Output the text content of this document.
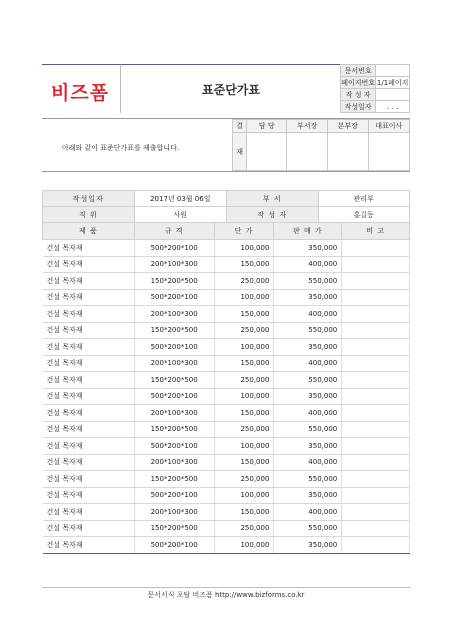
비즈폼	표준단가표
문서번호	
페이지번호	1/1페이지
작 성 자	
작성일자	. . .
아래와 같이 표준단가표를 제출합니다.
결	담 당	부서장	본부장	대표이사
재				
작성일자	2017년 03월 06일	부 서	관리부
직 위	사원	작 성 자	홍길동
제 품	규 격	단 가	판 매 가	비 고
건설 목자재	500*200*100	100,000	350,000	
건설 목자재	200*100*300	150,000	400,000	
건설 목자재	150*200*500	250,000	550,000	
건설 목자재	500*200*100	100,000	350,000	
건설 목자재	200*100*300	150,000	400,000	
건설 목자재	150*200*500	250,000	550,000	
건설 목자재	500*200*100	100,000	350,000	
건설 목자재	200*100*300	150,000	400,000	
건설 목자재	150*200*500	250,000	550,000	
건설 목자재	500*200*100	100,000	350,000	
건설 목자재	200*100*300	150,000	400,000	
건설 목자재	150*200*500	250,000	550,000	
건설 목자재	500*200*100	100,000	350,000	
건설 목자재	200*100*300	150,000	400,000	
건설 목자재	150*200*500	250,000	550,000	
건설 목자재	500*200*100	100,000	350,000	
건설 목자재	200*100*300	150,000	400,000	
건설 목자재	150*200*500	250,000	550,000	
건설 목자재	500*200*100	100,000	350,000	
문서서식 포탈 비즈폼 http://www.bizforms.co.kr
